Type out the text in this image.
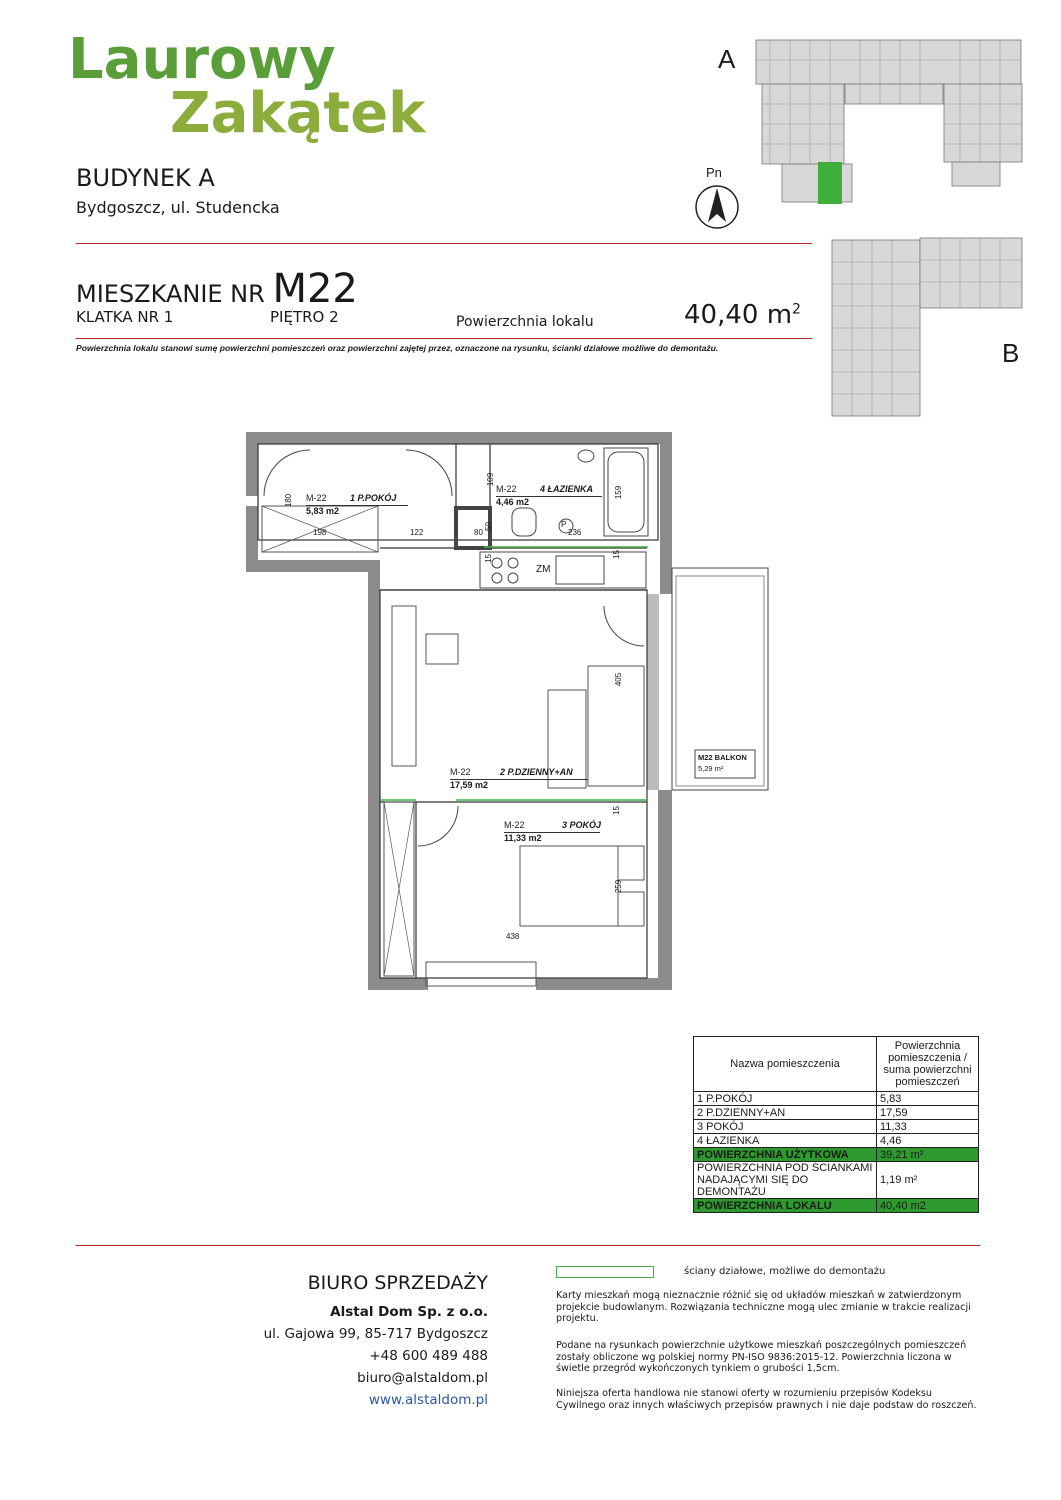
Laurowy
Zakątek
BUDYNEK A
Bydgoszcz, ul. Studencka
MIESZKANIE NR M22
KLATKA NR 1	PIĘTRO 2	Powierzchnia lokalu	40,40 $m^2$
Powierzchnia lokalu stanowi sumę powierzchni pomieszczeń oraz powierzchni zajętej przez, oznaczone na rysunku, ścianki działowe możliwe do demontażu.
A
B
Pn
M-22	1 P.POKÓJ
5,83 m2
M-22	2 P.DZIENNY+AN
17,59 m2
M-22	3 POKÓJ
11,33 m2
M-22	4 ŁAZIENKA
4,46 m2
M22 BALKON
5,29 m²
ZM
P
180
198	122
109
80
50
236
159
15	15
405
15
259
438
Nazwa pomieszczenia	Powierzchnia pomieszczenia / suma powierzchni pomieszczeń
1 P.POKÓJ	5,83
2 P.DZIENNY+AN	17,59
3 POKÓJ	11,33
4 ŁAZIENKA	4,46
POWIERZCHNIA UŻYTKOWA	39,21 m²
POWIERZCHNIA POD ŚCIANKAMI NADAJĄCYMI SIĘ DO DEMONTAŻU	1,19 m²
POWIERZCHNIA LOKALU	40,40 m2
BIURO SPRZEDAŻY
Alstal Dom Sp. z o.o.
ul. Gajowa 99, 85-717 Bydgoszcz
+48 600 489 488
biuro@alstaldom.pl
www.alstaldom.pl
ściany działowe, możliwe do demontażu
Karty mieszkań mogą nieznacznie różnić się od układów mieszkań w zatwierdzonym projekcie budowlanym. Rozwiązania techniczne mogą ulec zmianie w trakcie realizacji projektu.
Podane na rysunkach powierzchnie użytkowe mieszkań poszczególnych pomieszczeń zostały obliczone wg polskiej normy PN-ISO 9836:2015-12. Powierzchnia liczona w świetle przegród wykończonych tynkiem o grubości 1,5cm.
Niniejsza oferta handlowa nie stanowi oferty w rozumieniu przepisów Kodeksu Cywilnego oraz innych właściwych przepisów prawnych i nie daje podstaw do roszczeń.
